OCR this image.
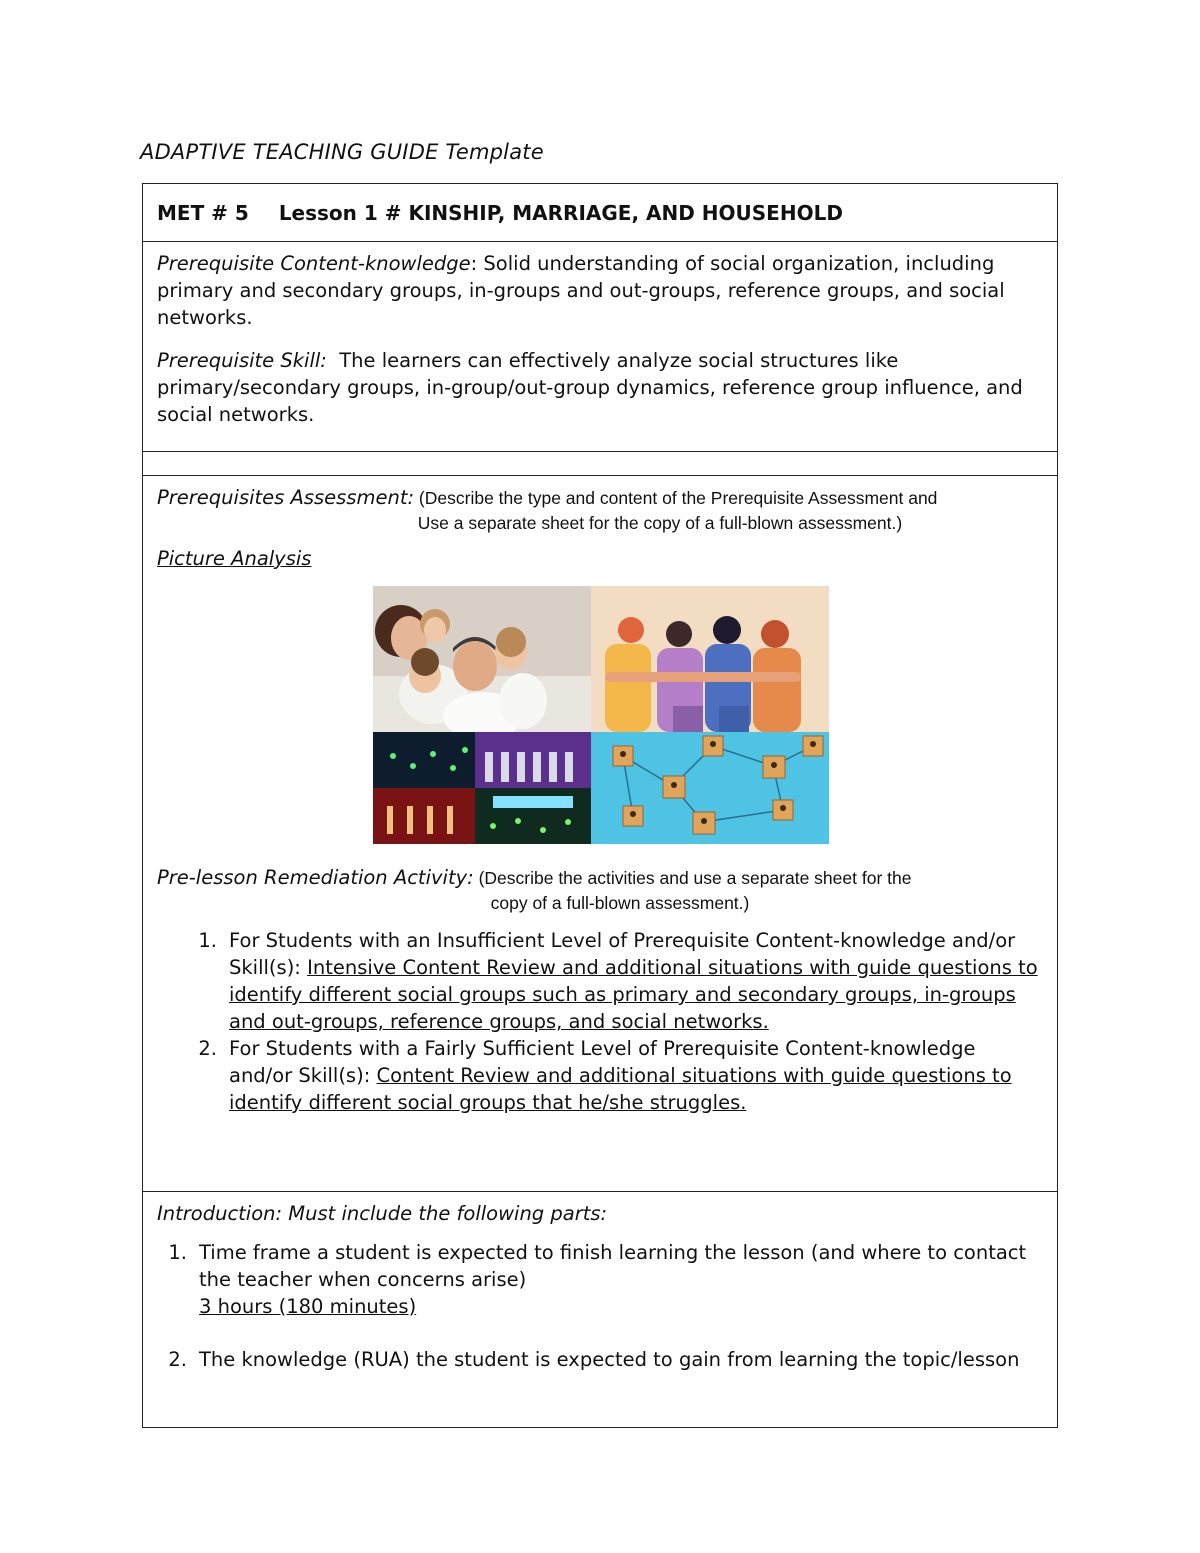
ADAPTIVE TEACHING GUIDE Template
MET # 5 Lesson 1 # KINSHIP, MARRIAGE, AND HOUSEHOLD

Prerequisite Content-knowledge: Solid understanding of social organization, including primary and secondary groups, in-groups and out-groups, reference groups, and social networks.

Prerequisite Skill:  The learners can effectively analyze social structures like primary/secondary groups, in-group/out-group dynamics, reference group influence, and social networks.

Prerequisites Assessment: (Describe the type and content of the Prerequisite Assessment and
Use a separate sheet for the copy of a full-blown assessment.)
Picture Analysis
Pre-lesson Remediation Activity: (Describe the activities and use a separate sheet for the
copy of a full-blown assessment.)
1. For Students with an Insufficient Level of Prerequisite Content-knowledge and/or Skill(s): Intensive Content Review and additional situations with guide questions to identify different social groups such as primary and secondary groups, in-groups and out-groups, reference groups, and social networks.
2. For Students with a Fairly Sufficient Level of Prerequisite Content-knowledge and/or Skill(s): Content Review and additional situations with guide questions to identify different social groups that he/she struggles.
Introduction: Must include the following parts:
1. Time frame a student is expected to finish learning the lesson (and where to contact the teacher when concerns arise)
3 hours (180 minutes)
2. The knowledge (RUA) the student is expected to gain from learning the topic/lesson
